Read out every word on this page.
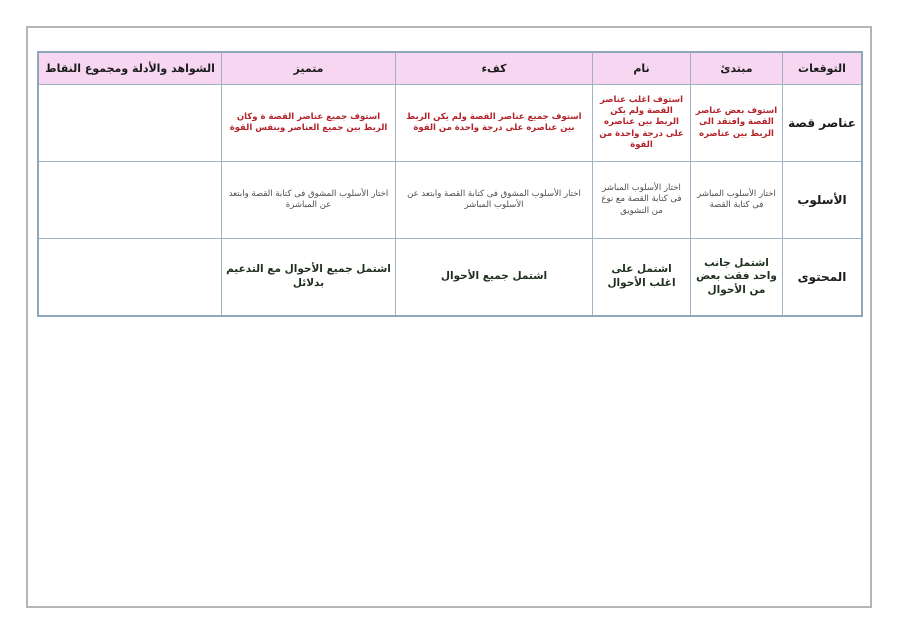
التوقعات	مبتدئ	نام	كفء	متميز	الشواهد والأدلة ومجموع النقاط
عناصر قصة	استوف بعض عناصر القصة وافتقد الى الربط بين عناصره	استوف اغلب عناصر القصة ولم يكن الربط بين عناصره على درجة واحدة من القوة	استوف جميع عناصر القصة ولم يكن الربط بين عناصره على درجة واحدة من القوة	استوف جميع عناصر القصة ة وكان الربط بين جميع العناصر وبنفس القوة	
الأسلوب	اختار الأسلوب المباشر فى كتابة القصة	اختار الأسلوب المباشر فى كتابة القصة مع نوع من التشويق	اختار الأسلوب المشوق فى كتابة القصة وابتعد عن الأسلوب المباشر	اختار الأسلوب المشوق فى كتابة القصة وابتعد عن المباشرة	
المحتوى	اشتمل جانب واحد فقت بعض من الأحوال	اشتمل على اغلب الأحوال	اشتمل جميع الأحوال	اشتمل جميع الأحوال مع التدعيم بدلائل	
